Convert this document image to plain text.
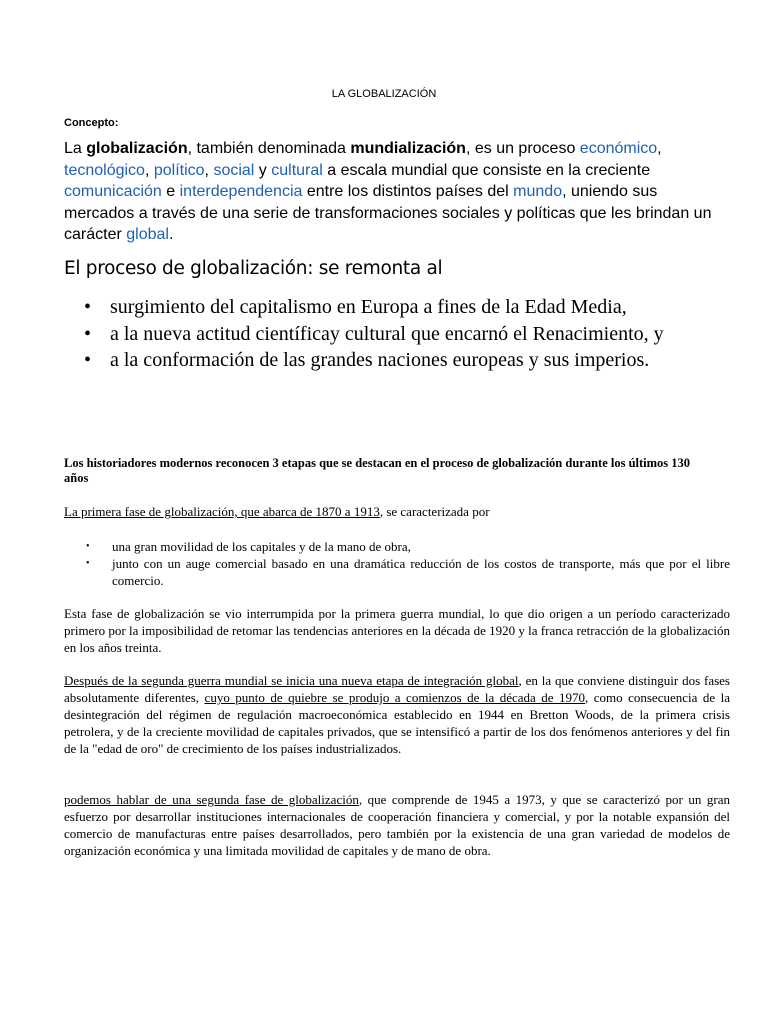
LA GLOBALIZACIÓN
Concepto:
La globalización, también denominada mundialización, es un proceso económico, tecnológico, político, social y cultural a escala mundial que consiste en la creciente comunicación e interdependencia entre los distintos países del mundo, uniendo sus mercados a través de una serie de transformaciones sociales y políticas que les brindan un carácter global.
El proceso de globalización: se remonta al
• surgimiento del capitalismo en Europa a fines de la Edad Media,
• a la nueva actitud científicay cultural que encarnó el Renacimiento, y
• a la conformación de las grandes naciones europeas y sus imperios.
Los historiadores modernos reconocen 3 etapas que se destacan en el proceso de globalización durante los últimos 130 años
La primera fase de globalización, que abarca de 1870 a 1913, se caracterizada por
• una gran movilidad de los capitales y de la mano de obra,
• junto con un auge comercial basado en una dramática reducción de los costos de transporte, más que por el libre comercio.
Esta fase de globalización se vio interrumpida por la primera guerra mundial, lo que dio origen a un período caracterizado primero por la imposibilidad de retomar las tendencias anteriores en la década de 1920 y la franca retracción de la globalización en los años treinta.
Después de la segunda guerra mundial se inicia una nueva etapa de integración global, en la que conviene distinguir dos fases absolutamente diferentes, cuyo punto de quiebre se produjo a comienzos de la década de 1970, como consecuencia de la desintegración del régimen de regulación macroeconómica establecido en 1944 en Bretton Woods, de la primera crisis petrolera, y de la creciente movilidad de capitales privados, que se intensificó a partir de los dos fenómenos anteriores y del fin de la "edad de oro" de crecimiento de los países industrializados.
podemos hablar de una segunda fase de globalización, que comprende de 1945 a 1973, y que se caracterizó por un gran esfuerzo por desarrollar instituciones internacionales de cooperación financiera y comercial, y por la notable expansión del comercio de manufacturas entre países desarrollados, pero también por la existencia de una gran variedad de modelos de organización económica y una limitada movilidad de capitales y de mano de obra.
